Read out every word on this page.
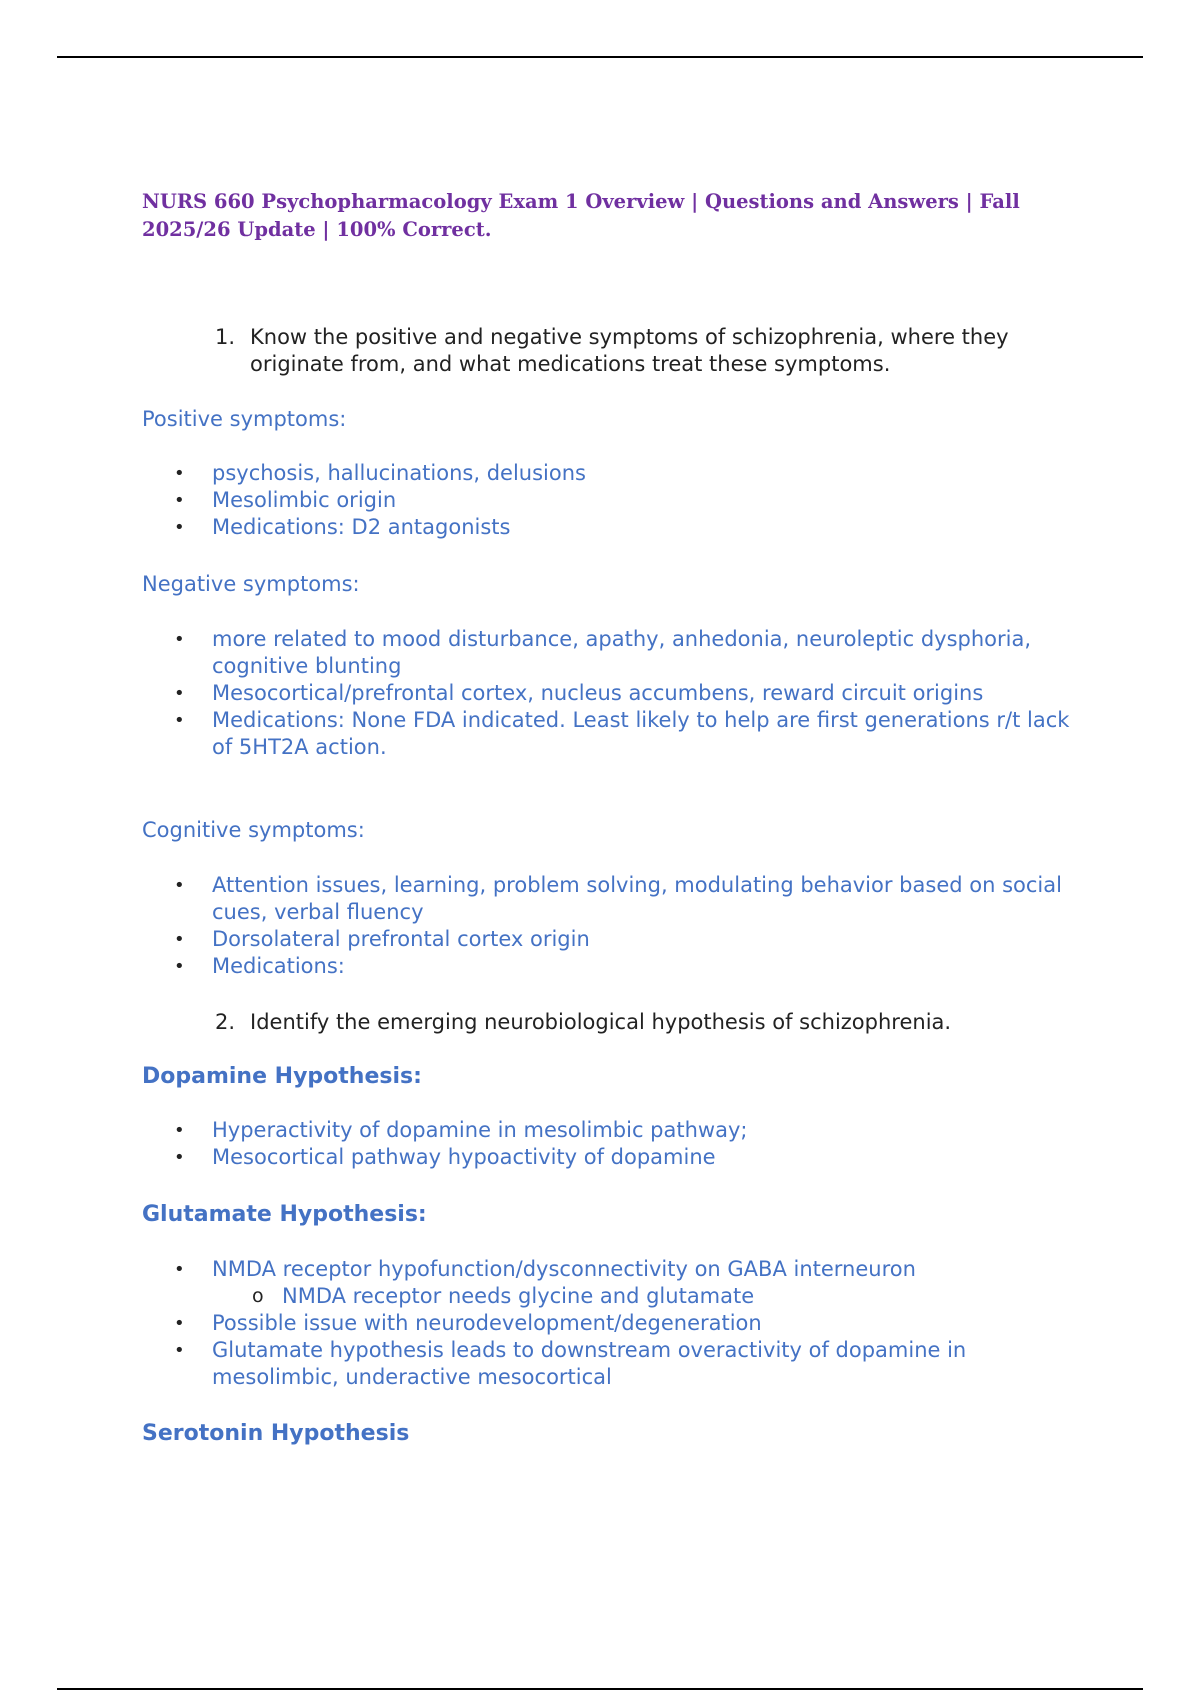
NURS 660 Psychopharmacology Exam 1 Overview | Questions and Answers | Fall 2025/26 Update | 100% Correct.
1. Know the positive and negative symptoms of schizophrenia, where they originate from, and what medications treat these symptoms.
Positive symptoms:
• psychosis, hallucinations, delusions
• Mesolimbic origin
• Medications: D2 antagonists
Negative symptoms:
• more related to mood disturbance, apathy, anhedonia, neuroleptic dysphoria, cognitive blunting
• Mesocortical/prefrontal cortex, nucleus accumbens, reward circuit origins
• Medications: None FDA indicated. Least likely to help are first generations r/t lack of 5HT2A action.
Cognitive symptoms:
• Attention issues, learning, problem solving, modulating behavior based on social cues, verbal fluency
• Dorsolateral prefrontal cortex origin
• Medications:
2. Identify the emerging neurobiological hypothesis of schizophrenia.
Dopamine Hypothesis:
• Hyperactivity of dopamine in mesolimbic pathway;
• Mesocortical pathway hypoactivity of dopamine
Glutamate Hypothesis:
• NMDA receptor hypofunction/dysconnectivity on GABA interneuron
o NMDA receptor needs glycine and glutamate
• Possible issue with neurodevelopment/degeneration
• Glutamate hypothesis leads to downstream overactivity of dopamine in mesolimbic, underactive mesocortical
Serotonin Hypothesis
